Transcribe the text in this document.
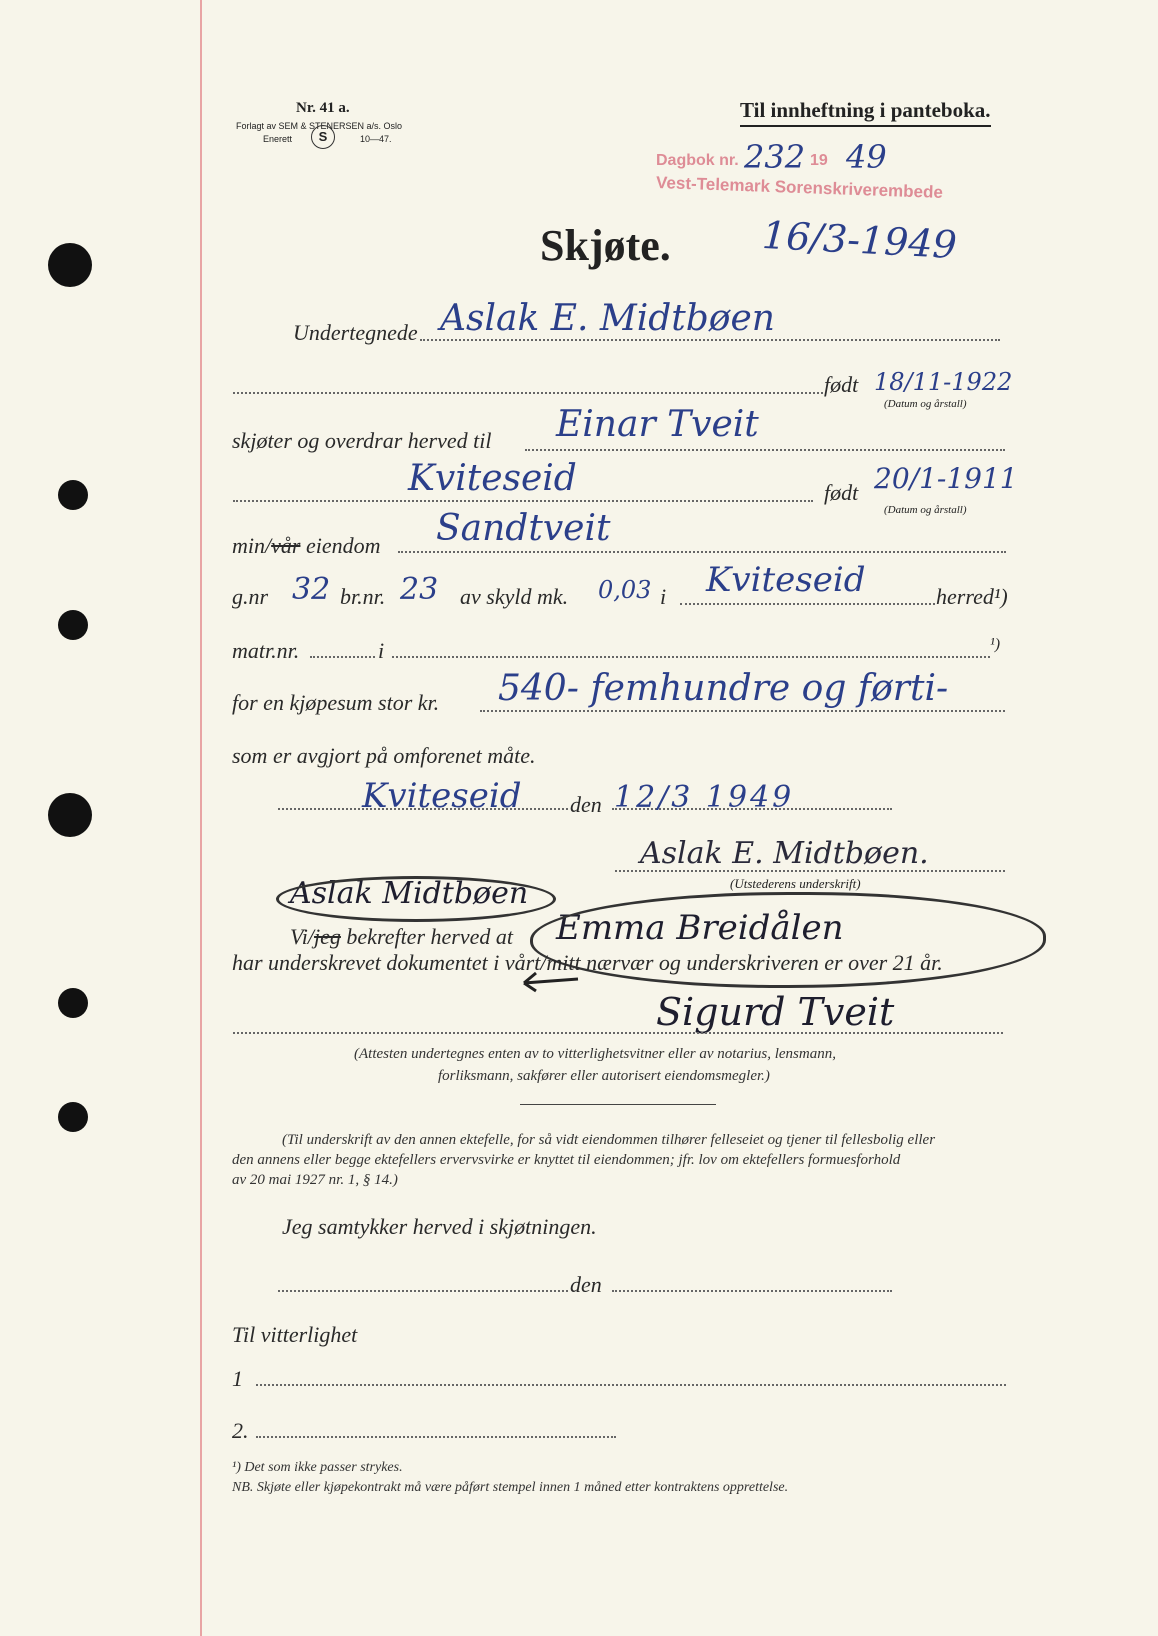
Nr. 41 a.
Forlagt av SEM & STENERSEN a/s. Oslo
Enerett	S	10—47.
Til innheftning i panteboka.
Dagbok nr. 232 19 49
Vest-Telemark Sorenskriverembede
Skjøte. 16/3-1949
Undertegnede Aslak E. Midtbøen
født 18/11-1922
(Datum og årstall)
skjøter og overdrar herved til Einar Tveit
Kviteseid	født 20/1-1911
(Datum og årstall)
min/vår eiendom Sandtveit
g.nr 32 br.nr. 23 av skyld mk. 0,03 i Kviteseid	herred¹)
matr.nr.	i	¹)
for en kjøpesum stor kr. 540- femhundre og førti-
som er avgjort på omforenet måte.
Kviteseid den 12/3 1949
Aslak E. Midtbøen.
(Utstederens underskrift)
Aslak Midtbøen
Vi/jeg bekrefter herved at Emma Breidålen
har underskrevet dokumentet i vårt/mitt nærvær og underskriveren er over 21 år.
Sigurd Tveit
(Attesten undertegnes enten av to vitterlighetsvitner eller av notarius, lensmann,
forliksmann, sakfører eller autorisert eiendomsmegler.)
(Til underskrift av den annen ektefelle, for så vidt eiendommen tilhører felleseiet og tjener til fellesbolig eller
den annens eller begge ektefellers ervervsvirke er knyttet til eiendommen; jfr. lov om ektefellers formuesforhold
av 20 mai 1927 nr. 1, § 14.)
Jeg samtykker herved i skjøtningen.
den
Til vitterlighet
1
2.
¹) Det som ikke passer strykes.
NB. Skjøte eller kjøpekontrakt må være påført stempel innen 1 måned etter kontraktens opprettelse.
